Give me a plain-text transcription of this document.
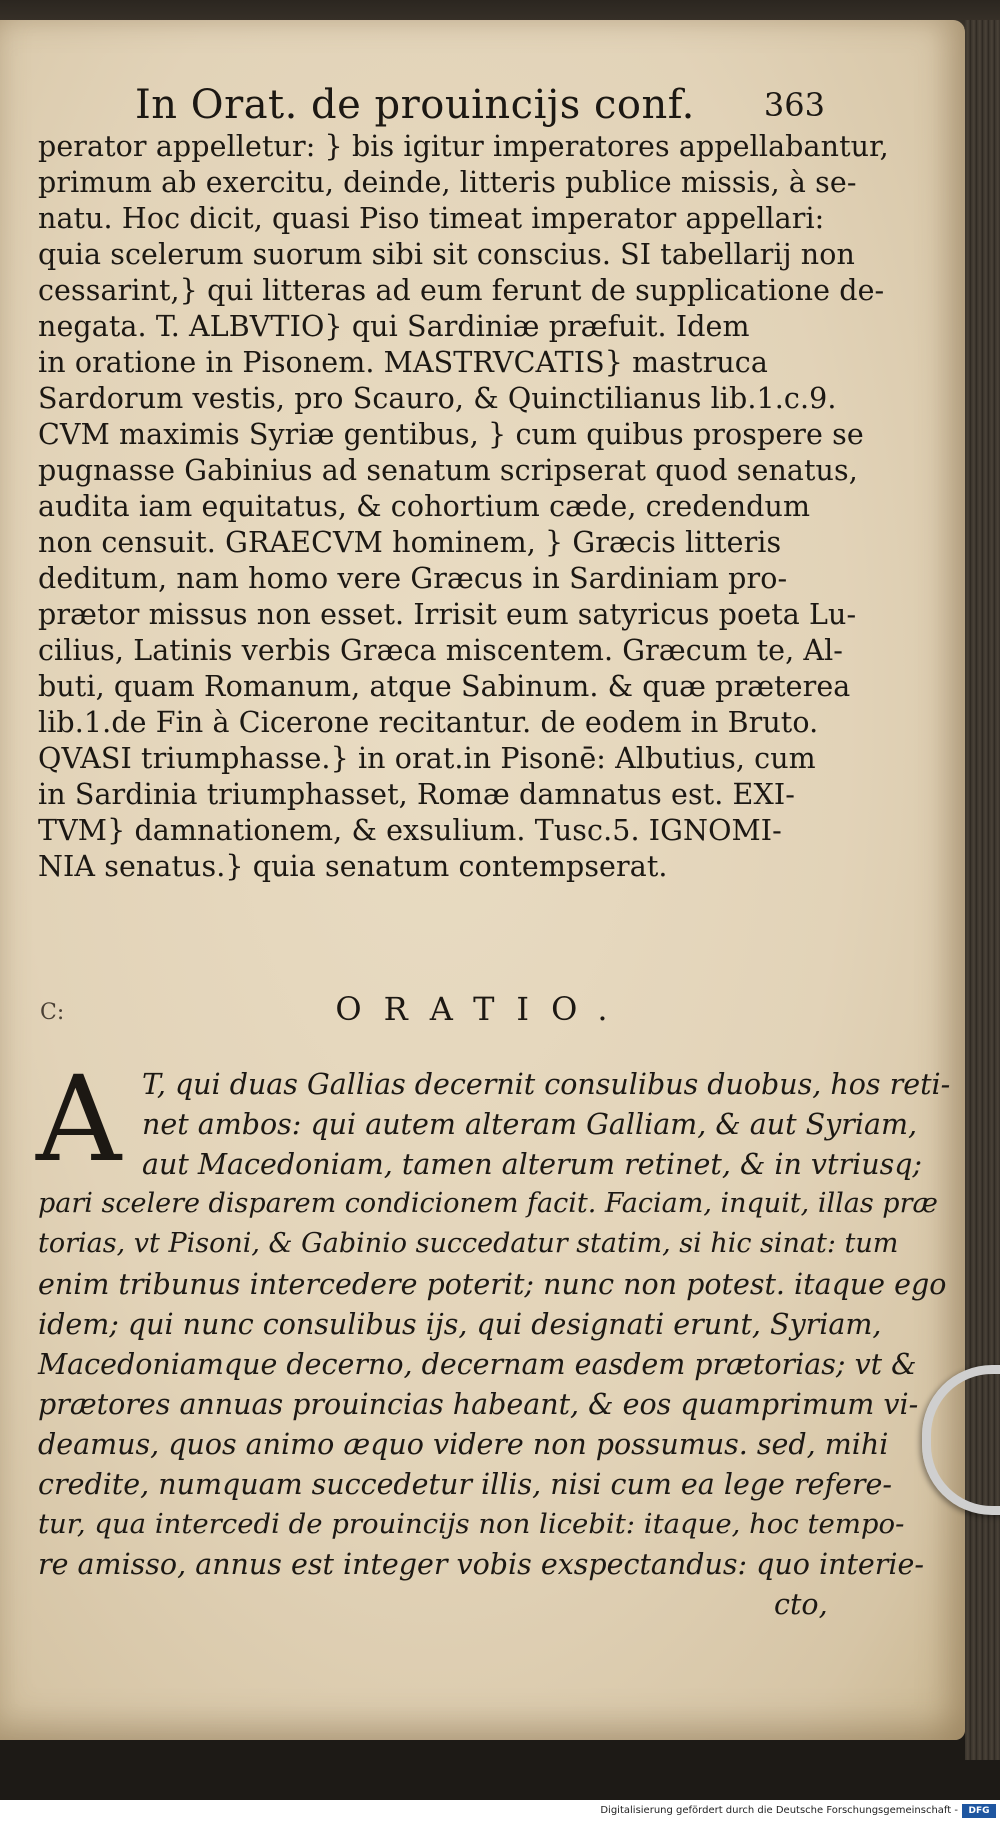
In Orat. de prouincijs conf. 363
perator appelletur: } bis igitur imperatores appellabantur,
primum ab exercitu, deinde, litteris publice missis, à se-
natu. Hoc dicit, quasi Piso timeat imperator appellari:
quia scelerum suorum sibi sit conscius. SI tabellarij non
cessarint,} qui litteras ad eum ferunt de supplicatione de-
negata. T. ALBVTIO} qui Sardiniæ præfuit. Idem
in oratione in Pisonem. MASTRVCATIS} mastruca
Sardorum vestis, pro Scauro, & Quinctilianus lib.1.c.9.
CVM maximis Syriæ gentibus, } cum quibus prospere se
pugnasse Gabinius ad senatum scripserat quod senatus,
audita iam equitatus, & cohortium cæde, credendum
non censuit. GRAECVM hominem, } Græcis litteris
deditum, nam homo vere Græcus in Sardiniam pro-
prætor missus non esset. Irrisit eum satyricus poeta Lu-
cilius, Latinis verbis Græca miscentem. Græcum te, Al-
buti, quam Romanum, atque Sabinum. & quæ præterea
lib.1.de Fin à Cicerone recitantur. de eodem in Bruto.
QVASI triumphasse.} in orat.in Pisonē: Albutius, cum
in Sardinia triumphasset, Romæ damnatus est. EXI-
TVM} damnationem, & exsulium. Tusc.5. IGNOMI-
NIA senatus.} quia senatum contempserat.
C:	ORATIO.
A T, qui duas Gallias decernit consulibus duobus, hos reti-
net ambos: qui autem alteram Galliam, & aut Syriam,
aut Macedoniam, tamen alterum retinet, & in vtriusq;
pari scelere disparem condicionem facit. Faciam, inquit, illas præ
torias, vt Pisoni, & Gabinio succedatur statim, si hic sinat: tum
enim tribunus intercedere poterit; nunc non potest. itaque ego
idem; qui nunc consulibus ijs, qui designati erunt, Syriam,
Macedoniamque decerno, decernam easdem prætorias; vt &
prætores annuas prouincias habeant, & eos quamprimum vi-
deamus, quos animo æquo videre non possumus. sed, mihi
credite, numquam succedetur illis, nisi cum ea lege refere-
tur, qua intercedi de prouincijs non licebit: itaque, hoc tempo-
re amisso, annus est integer vobis exspectandus: quo interie-
cto,
Digitalisierung gefördert durch die Deutsche Forschungsgemeinschaft -	DFG
